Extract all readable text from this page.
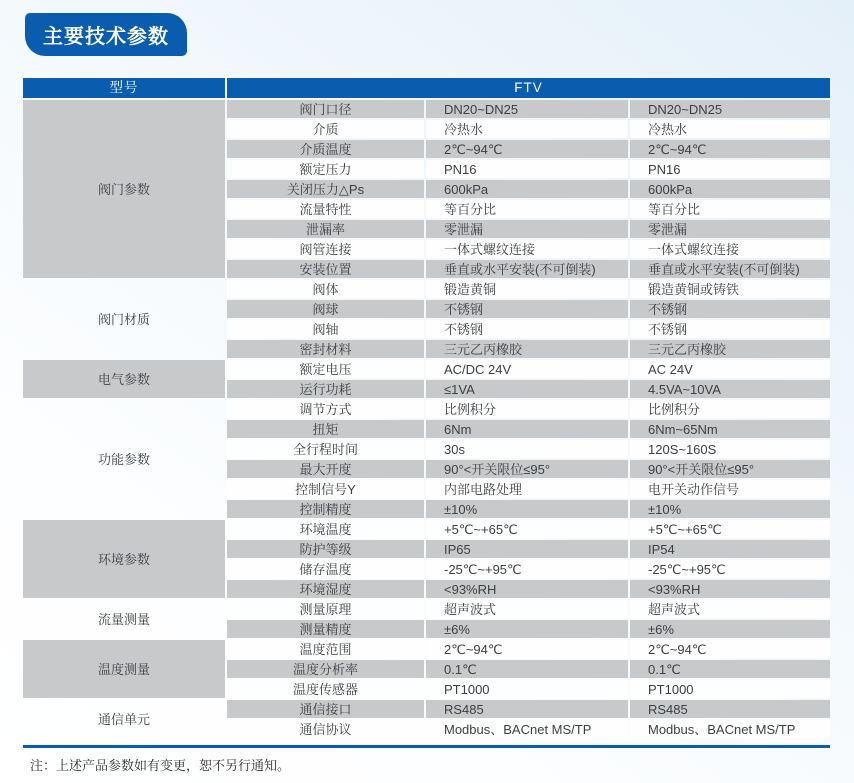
主要技术参数
型号	FTV
阀门参数
阀门口径	DN20~DN25	DN20~DN25
介质	冷热水	冷热水
介质温度	2℃~94℃	2℃~94℃
额定压力	PN16	PN16
关闭压力△Ps	600kPa	600kPa
流量特性	等百分比	等百分比
泄漏率	零泄漏	零泄漏
阀管连接	一体式螺纹连接	一体式螺纹连接
安装位置	垂直或水平安装(不可倒装)	垂直或水平安装(不可倒装)
阀门材质
阀体	锻造黄铜	锻造黄铜或铸铁
阀球	不锈钢	不锈钢
阀轴	不锈钢	不锈钢
密封材料	三元乙丙橡胶	三元乙丙橡胶
电气参数
额定电压	AC/DC 24V	AC 24V
运行功耗	≤1VA	4.5VA~10VA
功能参数
调节方式	比例积分	比例积分
扭矩	6Nm	6Nm~65Nm
全行程时间	30s	120S~160S
最大开度	90°<开关限位≤95°	90°<开关限位≤95°
控制信号Y	内部电路处理	电开关动作信号
控制精度	±10%	±10%
环境参数
环境温度	+5℃~+65℃	+5℃~+65℃
防护等级	IP65	IP54
储存温度	-25℃~+95℃	-25℃~+95℃
环境湿度	<93%RH	<93%RH
流量测量
测量原理	超声波式	超声波式
测量精度	±6%	±6%
温度测量
温度范围	2℃~94℃	2℃~94℃
温度分析率	0.1℃	0.1℃
温度传感器	PT1000	PT1000
通信单元
通信接口	RS485	RS485
通信协议	Modbus、BACnet MS/TP	Modbus、BACnet MS/TP
注：上述产品参数如有变更，恕不另行通知。
